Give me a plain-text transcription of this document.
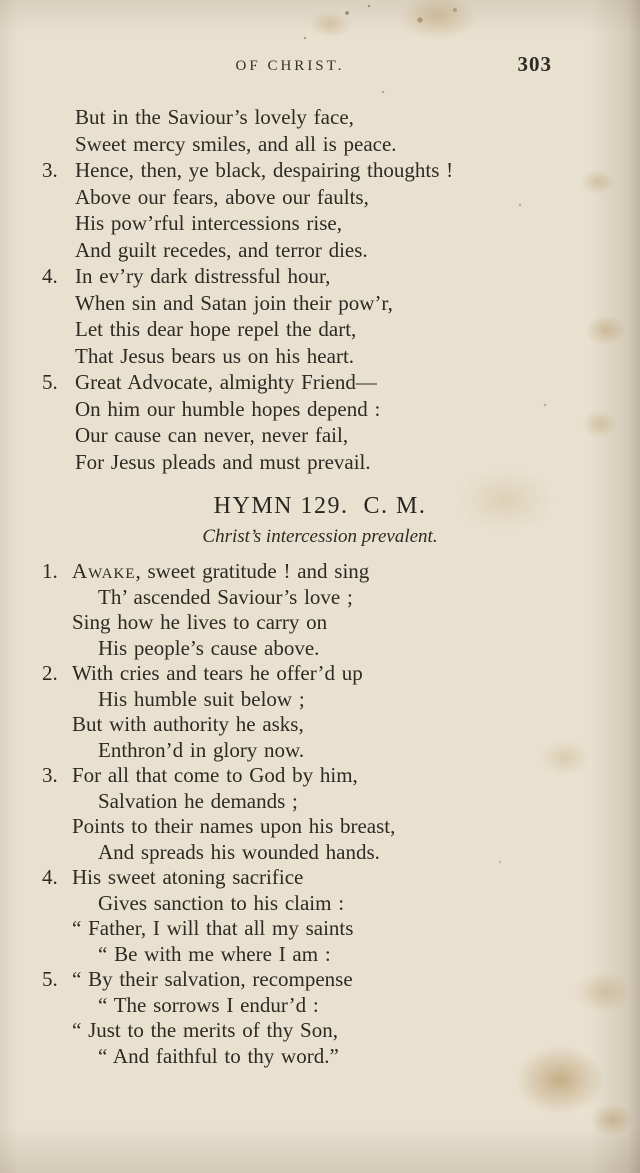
OF CHRIST.	303
But in the Saviour’s lovely face,
Sweet mercy smiles, and all is peace.
3. Hence, then, ye black, despairing thoughts !
Above our fears, above our faults,
His pow’rful intercessions rise,
And guilt recedes, and terror dies.
4. In ev’ry dark distressful hour,
When sin and Satan join their pow’r,
Let this dear hope repel the dart,
That Jesus bears us on his heart.
5. Great Advocate, almighty Friend—
On him our humble hopes depend :
Our cause can never, never fail,
For Jesus pleads and must prevail.
HYMN 129.  C. M.
Christ’s intercession prevalent.
1. Awake, sweet gratitude ! and sing
Th’ ascended Saviour’s love ;
Sing how he lives to carry on
His people’s cause above.
2. With cries and tears he offer’d up
His humble suit below ;
But with authority he asks,
Enthron’d in glory now.
3. For all that come to God by him,
Salvation he demands ;
Points to their names upon his breast,
And spreads his wounded hands.
4. His sweet atoning sacrifice
Gives sanction to his claim :
“ Father, I will that all my saints
“ Be with me where I am :
5. “ By their salvation, recompense
“ The sorrows I endur’d :
“ Just to the merits of thy Son,
“ And faithful to thy word.”
